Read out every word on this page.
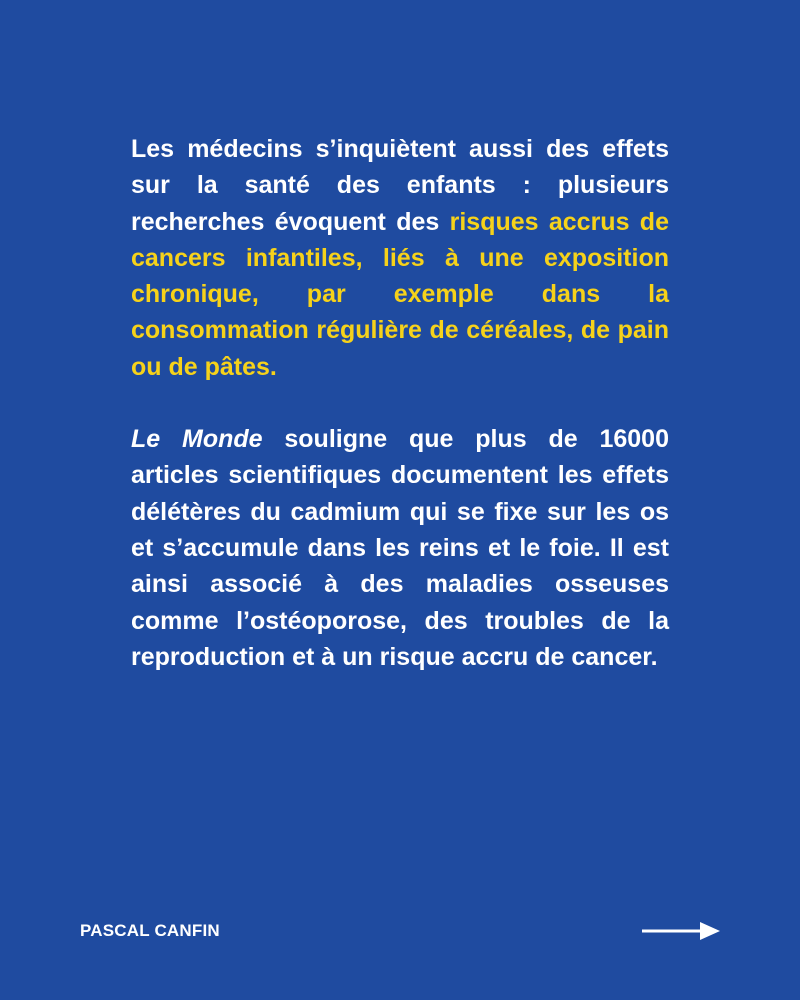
Les médecins s’inquiètent aussi des effets sur la santé des enfants : plusieurs recherches évoquent des risques accrus de cancers infantiles, liés à une exposition chronique, par exemple dans la consommation régulière de céréales, de pain ou de pâtes.

Le Monde souligne que plus de 16000 articles scientifiques documentent les effets délétères du cadmium qui se fixe sur les os et s’accumule dans les reins et le foie. Il est ainsi associé à des maladies osseuses comme l’ostéoporose, des troubles de la reproduction et à un risque accru de cancer.

PASCAL CANFIN
